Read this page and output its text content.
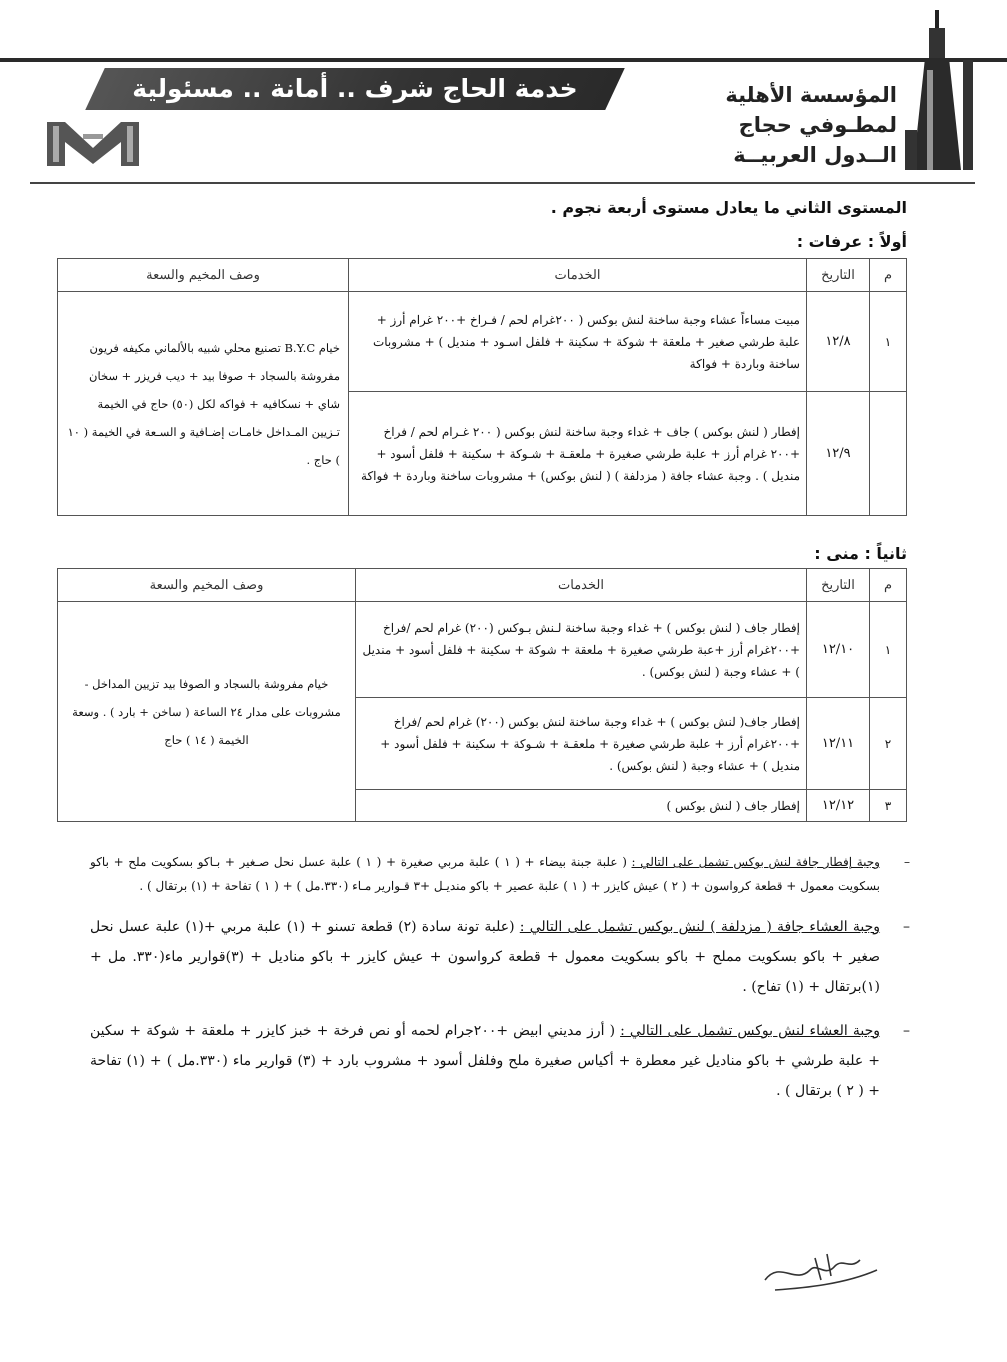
خدمة الحاج شرف .. أمانة .. مسئولية	المؤسسة الأهلية
لمطـوفي حجاج
الــدول العربيــة
المستوى الثاني ما يعادل مستوى أربعة نجوم .
أولاً : عرفات :
م	التاريخ	الخدمات	وصف المخيم والسعة
١	١٢/٨	مبيت مساءاً عشاء وجبة ساخنة لنش بوكس ( ٢٠٠غرام لحم / فـراخ +٢٠٠ غرام أرز + علبة طرشي صغير + ملعقة + شوكة + سكينة + فلفل اسـود + منديل ) + مشروبات ساخنة وباردة + فواكة	خيام B.Y.C تصنيع محلي شبيه بالألماني مكيفه فريون مفروشة بالسجاد + صوفا بيد + ديب فريزر + سخان شاي + نسكافيه + فواكه لكل (٥٠) حاج في الخيمة تـزيين المـداخل خامـات إضـافية و السـعة في الخيمة ( ١٠ ) حاج .
	١٢/٩	إفطار ( لنش بوكس ) جاف + غداء وجبة ساخنة لنش بوكس ( ٢٠٠ غـرام لحم / فراخ +٢٠٠ غرام أرز + علبة طرشي صغيرة + ملعقـة + شـوكة + سكينة + فلفل أسود + منديل ) . وجبة عشاء جافة ( مزدلفة ) ( لنش بوكس) + مشروبات ساخنة وباردة + فواكة	
ثانياً : منى :
م	التاريخ	الخدمات	وصف المخيم والسعة
١	١٢/١٠	إفطار جاف ( لنش بوكس ) + غداء وجبة ساخنة لـنش بـوكس (٢٠٠) غرام لحم /فراخ +٢٠٠غرام أرز +عبة طرشي صغيرة + ملعقة + شوكة + سكينة + فلفل أسود + منديل ) + عشاء وجبة ( لنش بوكس) .	خيام مفروشة بالسجاد و الصوفا بيد تزيين المداخل - مشروبات على مدار ٢٤ الساعة ( ساخن + بارد ) . وسعة الخيمة ( ١٤ ) حاج
٢	١٢/١١	إفطار جاف( لنش بوكس ) + غداء وجبة ساخنة لنش بوكس (٢٠٠) غرام لحم /فراخ +٢٠٠غرام أرز + علبة طرشي صغيرة + ملعقـة + شـوكة + سكينة + فلفل أسود + منديل ) + عشاء وجبة ( لنش بوكس) .	
٣	١٢/١٢	إفطار جاف ( لنش بوكس )	
–
وجبة إفطار جافة لنش بوكس تشمل على التالي : ( علبة جبنة بيضاء + ( ١ ) علبة مربي صغيرة + ( ١ ) علبة عسل نحل صـغير + بـاكو بسكويت ملح + باكو بسكويت معمول + قطعة كرواسون + ( ٢ ) عيش كايزر + ( ١ ) علبة عصير + باكو منديـل +٣ قـوارير مـاء (٣٣٠.مل ) + ( ١ ) تفاحة + (١) برتقال ) .
–
وجبة العشاء جافة ( مزدلفة ) لنش بوكس تشمل على التالي : (علبة تونة سادة (٢) قطعة تسنو + (١) علبة مربي +(١) علبة عسل نحل صغير + باكو بسكويت مملح + باكو بسكويت معمول + قطعة كرواسون + عيش كايزر + باكو مناديل + (٣)قوارير ماء(٣٣٠. مل + (١)برتقال + (١) تفاح) .
–
وجبة العشاء لنش بوكس تشمل على التالي : ( أرز مديني ابيض +٢٠٠جرام لحمه أو نص فرخة + خبز كايزر + ملعقة + شوكة + سكين + علبة طرشي + باكو مناديل غير معطرة + أكياس صغيرة ملح وفلفل أسود + مشروب بارد + (٣) قوارير ماء (٣٣٠.مل ) + (١) تفاحة + ( ٢ ) برتقال ) .
